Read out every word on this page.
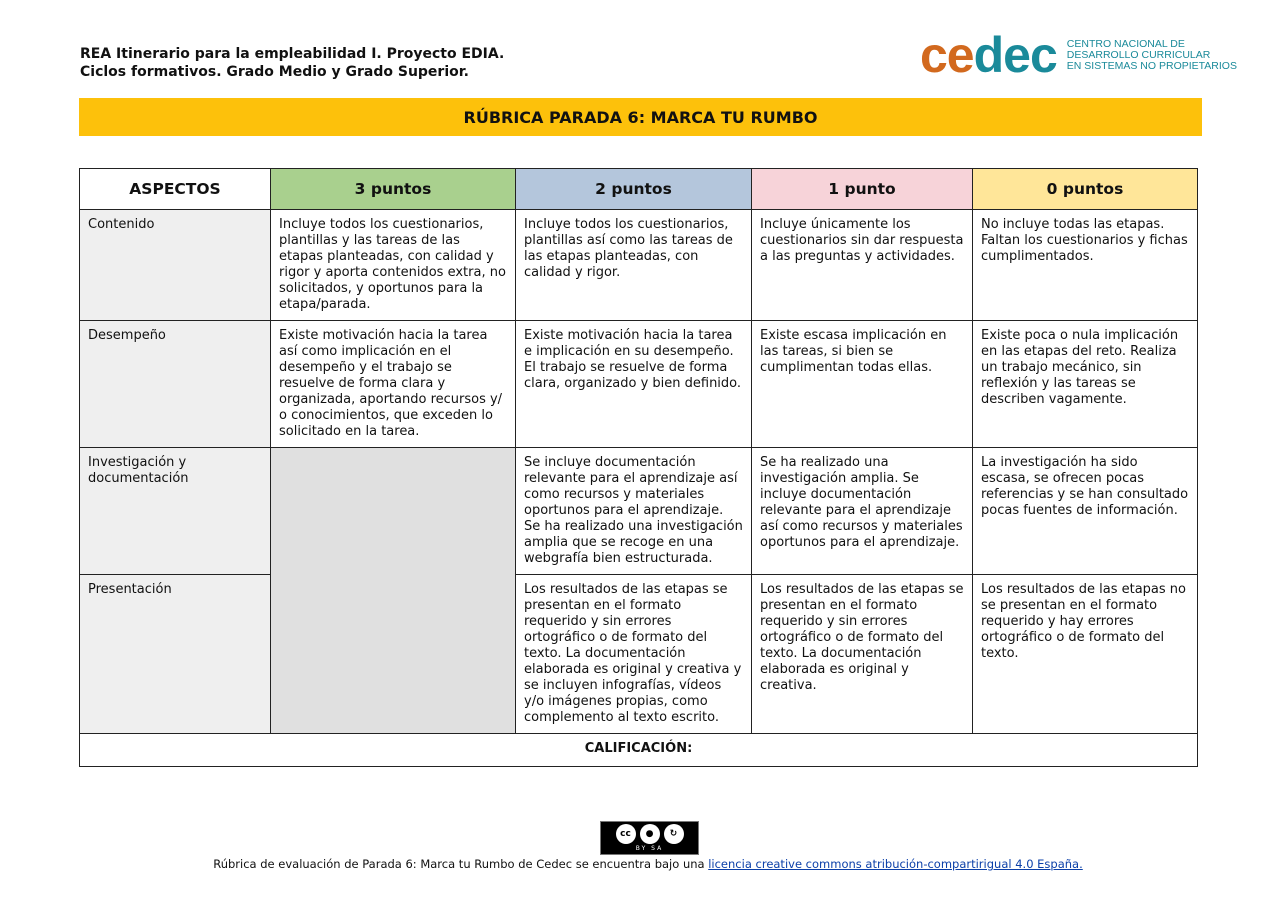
REA Itinerario para la empleabilidad I. Proyecto EDIA.
Ciclos formativos. Grado Medio y Grado Superior.	ce dec CENTRO NACIONAL DE
DESARROLLO CURRICULAR
EN SISTEMAS NO PROPIETARIOS
RÚBRICA PARADA 6: MARCA TU RUMBO
ASPECTOS	3 puntos	2 puntos	1 punto	0 puntos
Contenido	Incluye todos los cuestionarios, plantillas y las tareas de las etapas planteadas, con calidad y rigor y aporta contenidos extra, no solicitados, y oportunos para la etapa/parada.	Incluye todos los cuestionarios, plantillas así como las tareas de las etapas planteadas, con calidad y rigor.	Incluye únicamente los cuestionarios sin dar respuesta a las preguntas y actividades.	No incluye todas las etapas. Faltan los cuestionarios y fichas cumplimentados.
Desempeño	Existe motivación hacia la tarea así como implicación en el desempeño y el trabajo se resuelve de forma clara y organizada, aportando recursos y/ o conocimientos, que exceden lo solicitado en la tarea.	Existe motivación hacia la tarea e implicación en su desempeño. El trabajo se resuelve de forma clara, organizado y bien definido.	Existe escasa implicación en las tareas, si bien se cumplimentan todas ellas.	Existe poca o nula implicación en las etapas del reto. Realiza un trabajo mecánico, sin reflexión y las tareas se describen vagamente.
Investigación y documentación		Se incluye documentación relevante para el aprendizaje así como recursos y materiales oportunos para el aprendizaje. Se ha realizado una investigación amplia que se recoge en una webgrafía bien estructurada.	Se ha realizado una investigación amplia. Se incluye documentación relevante para el aprendizaje así como recursos y materiales oportunos para el aprendizaje.	La investigación ha sido escasa, se ofrecen pocas referencias y se han consultado pocas fuentes de información.
Presentación		Los resultados de las etapas se presentan en el formato requerido y sin errores ortográfico o de formato del texto. La documentación elaborada es original y creativa y se incluyen infografías, vídeos y/o imágenes propias, como complemento al texto escrito.	Los resultados de las etapas se presentan en el formato requerido y sin errores ortográfico o de formato del texto. La documentación elaborada es original y creativa.	Los resultados de las etapas no se presentan en el formato requerido y hay errores ortográfico o de formato del texto.
CALIFICACIÓN:				
cc	●	↻
BY SA
Rúbrica de evaluación de Parada 6: Marca tu Rumbo de Cedec se encuentra bajo una licencia creative commons atribución-compartirigual 4.0 España.
